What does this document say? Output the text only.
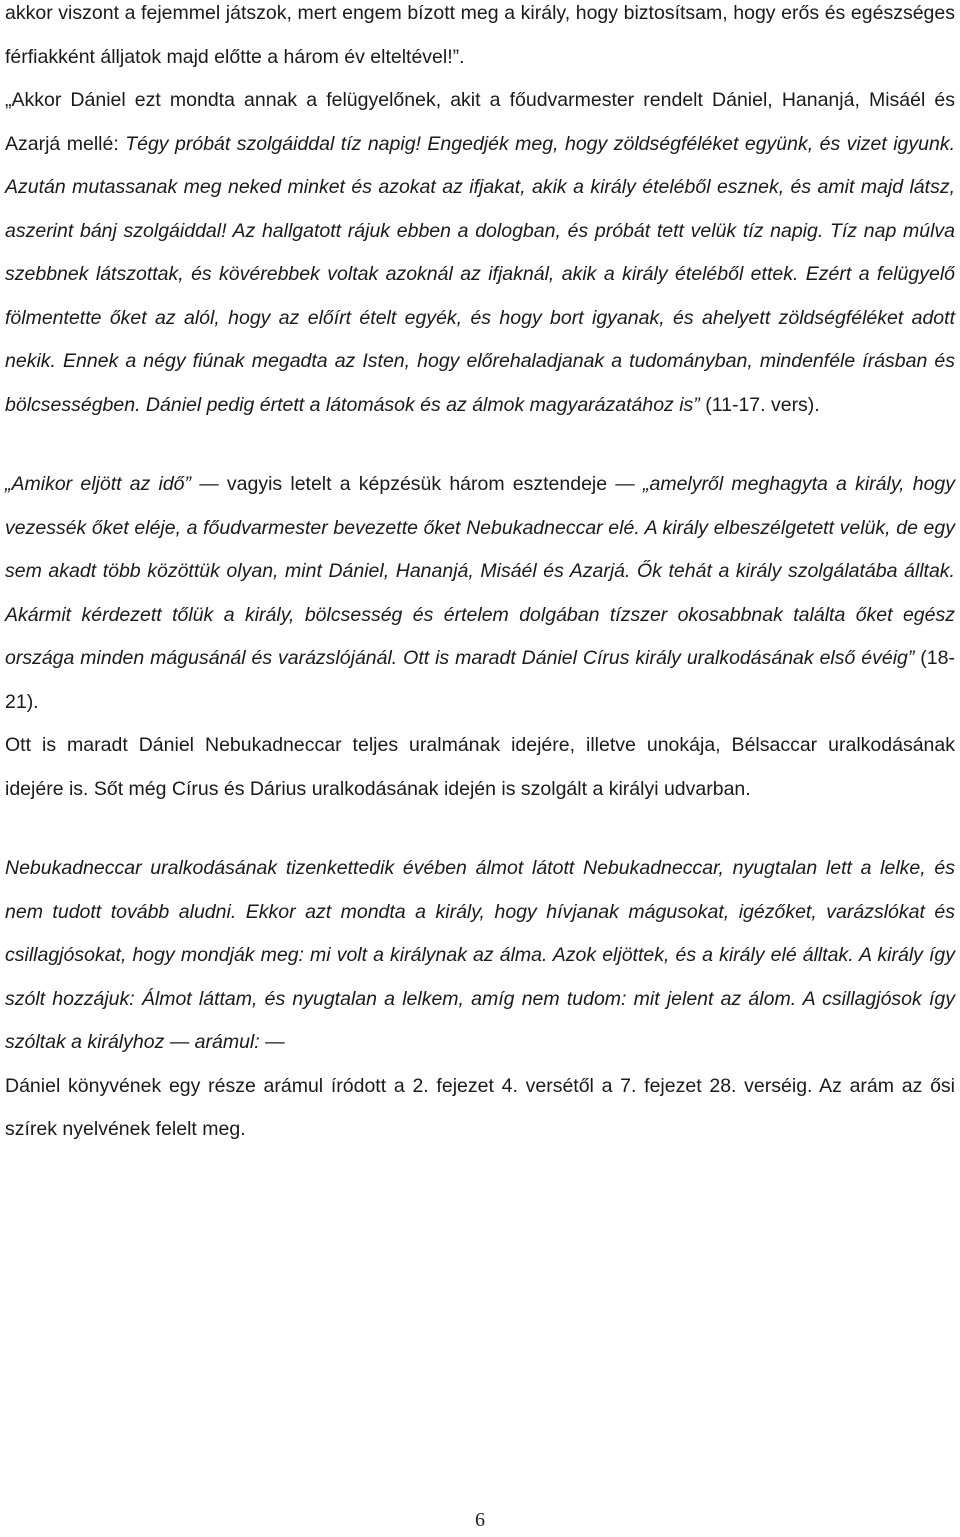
akkor viszont a fejemmel játszok, mert engem bízott meg a király, hogy biztosítsam, hogy erős és egészséges férfiakként álljatok majd előtte a három év elteltével!”.

„Akkor Dániel ezt mondta annak a felügyelőnek, akit a főudvarmester rendelt Dániel, Hananjá, Misáél és Azarjá mellé: Tégy próbát szolgáiddal tíz napig! Engedjék meg, hogy zöldségféléket együnk, és vizet igyunk. Azután mutassanak meg neked minket és azokat az ifjakat, akik a király ételéből esznek, és amit majd látsz, aszerint bánj szolgáiddal! Az hallgatott rájuk ebben a dologban, és próbát tett velük tíz napig. Tíz nap múlva szebbnek látszottak, és kövérebbek voltak azoknál az ifjaknál, akik a király ételéből ettek. Ezért a felügyelő fölmentette őket az alól, hogy az előírt ételt egyék, és hogy bort igyanak, és ahelyett zöldségféléket adott nekik. Ennek a négy fiúnak megadta az Isten, hogy előrehaladjanak a tudományban, mindenféle írásban és bölcsességben. Dániel pedig értett a látomások és az álmok magyarázatához is” (11-17. vers).

„Amikor eljött az idő” ― vagyis letelt a képzésük három esztendeje ― „amelyről meghagyta a király, hogy vezessék őket eléje, a főudvarmester bevezette őket Nebukadneccar elé. A király elbeszélgetett velük, de egy sem akadt több közöttük olyan, mint Dániel, Hananjá, Misáél és Azarjá. Ők tehát a király szolgálatába álltak. Akármit kérdezett tőlük a király, bölcsesség és értelem dolgában tízszer okosabbnak találta őket egész országa minden mágusánál és varázslójánál. Ott is maradt Dániel Círus király uralkodásának első évéig” (18-21).

Ott is maradt Dániel Nebukadneccar teljes uralmának idejére, illetve unokája, Bélsaccar uralkodásának idejére is. Sőt még Círus és Dárius uralkodásának idején is szolgált a királyi udvarban.

Nebukadneccar uralkodásának tizenkettedik évében álmot látott Nebukadneccar, nyugtalan lett a lelke, és nem tudott tovább aludni. Ekkor azt mondta a király, hogy hívjanak mágusokat, igézőket, varázslókat és csillagjósokat, hogy mondják meg: mi volt a királynak az álma. Azok eljöttek, és a király elé álltak. A király így szólt hozzájuk: Álmot láttam, és nyugtalan a lelkem, amíg nem tudom: mit jelent az álom. A csillagjósok így szóltak a királyhoz ― arámul: ―

Dániel könyvének egy része arámul íródott a 2. fejezet 4. versétől a 7. fejezet 28. verséig. Az arám az ősi szírek nyelvének felelt meg.

6
